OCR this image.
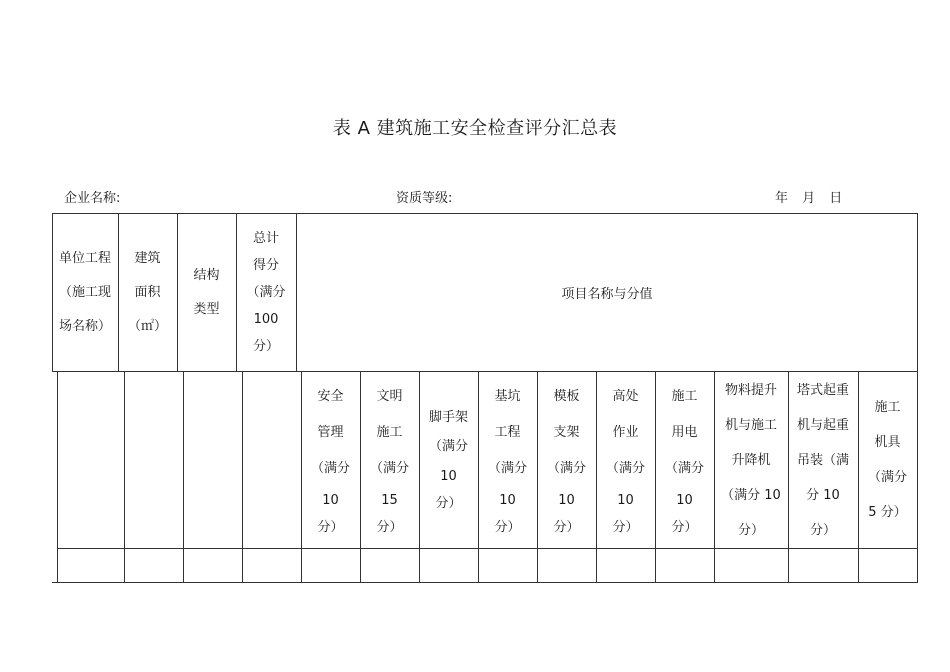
表 A 建筑施工安全检查评分汇总表
企业名称:	资质等级:	年 月 日
单位工程
（施工现
场名称）
建筑
面积
（㎡）
结构
类型
总计
得分
（满分
100
分）
项目名称与分值
安全
管理
（满分
10
分）
文明
施工
（满分
15
分）
脚手架
（满分
10
分）
基坑
工程
（满分
10
分）
模板
支架
（满分
10
分）
高处
作业
（满分
10
分）
施工
用电
（满分
10
分）
物料提升
机与施工
升降机
（满分 10
分）
塔式起重
机与起重
吊装（满
分 10
分）
施工
机具
（满分
5 分）
